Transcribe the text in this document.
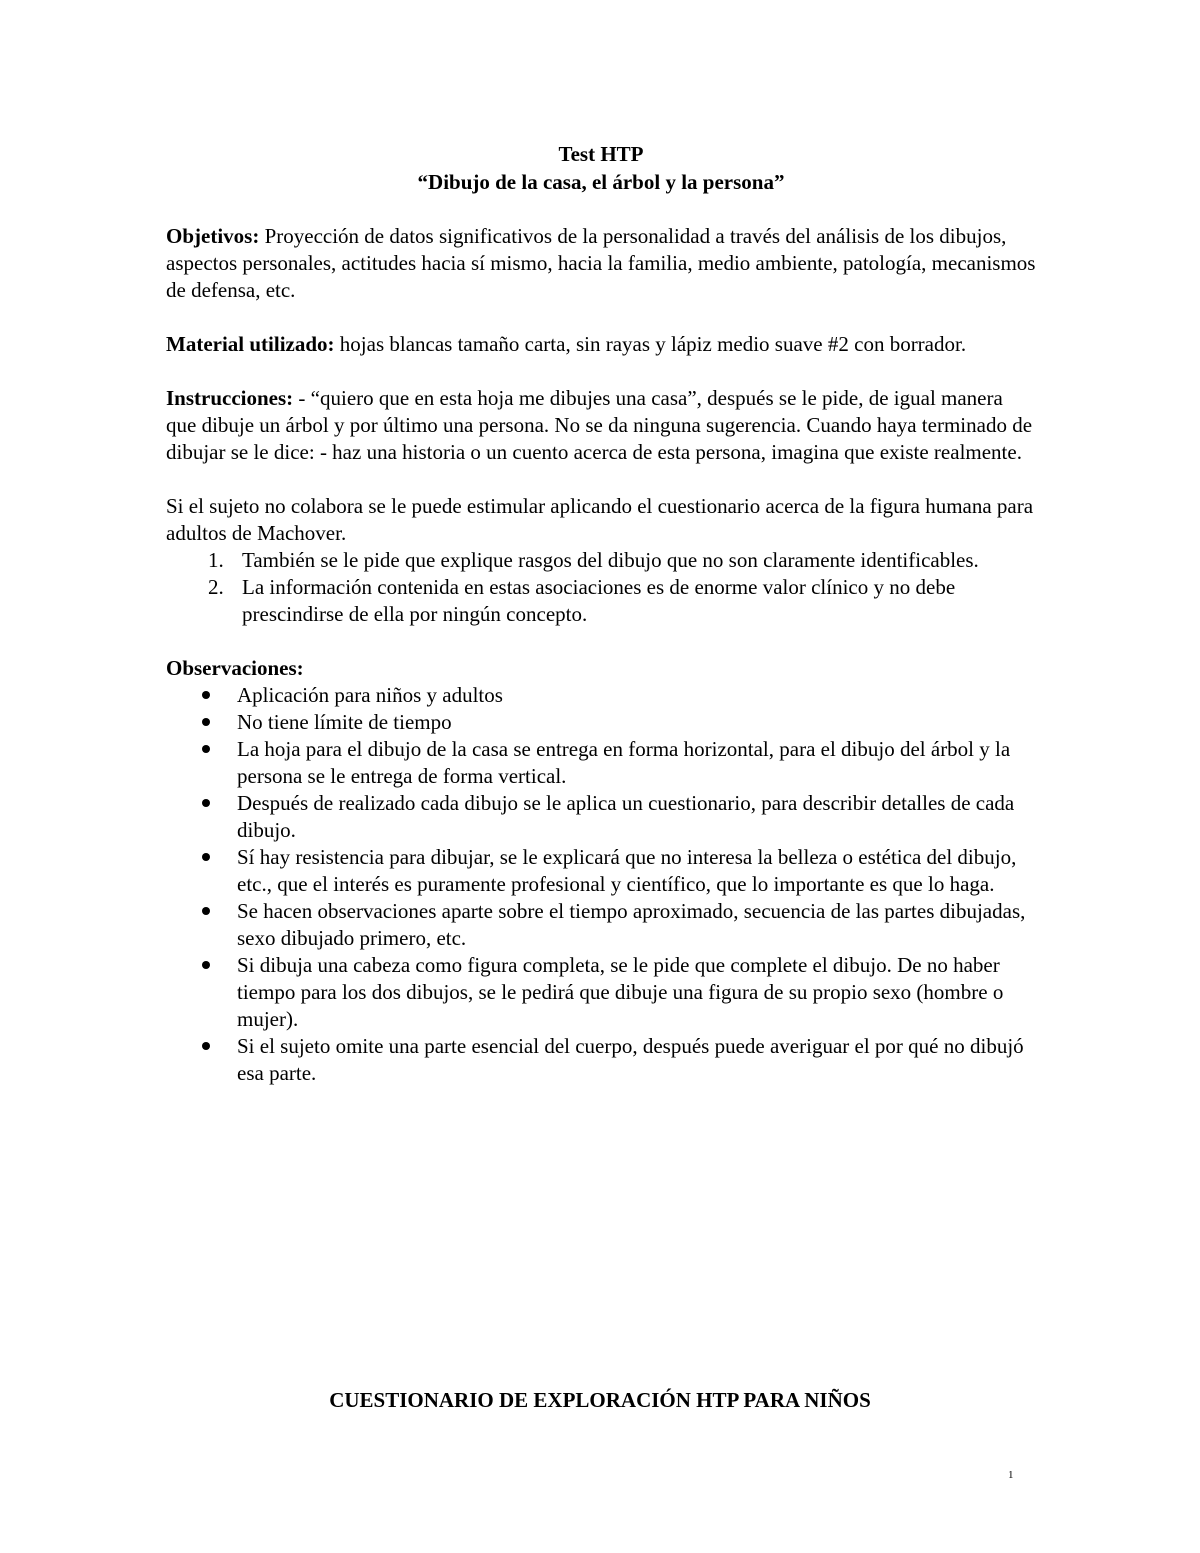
Test HTP
“Dibujo de la casa, el árbol y la persona”
Objetivos: Proyección de datos significativos de la personalidad a través del análisis de los dibujos, aspectos personales, actitudes hacia sí mismo, hacia la familia, medio ambiente, patología, mecanismos de defensa, etc.
Material utilizado: hojas blancas tamaño carta, sin rayas y lápiz medio suave #2 con borrador.
Instrucciones: - “quiero que en esta hoja me dibujes una casa”, después se le pide, de igual manera que dibuje un árbol y por último una persona. No se da ninguna sugerencia. Cuando haya terminado de dibujar se le dice: - haz una historia o un cuento acerca de esta persona, imagina que existe realmente.
Si el sujeto no colabora se le puede estimular aplicando el cuestionario acerca de la figura humana para adultos de Machover.
1. También se le pide que explique rasgos del dibujo que no son claramente identificables.
2. La información contenida en estas asociaciones es de enorme valor clínico y no debe prescindirse de ella por ningún concepto.
Observaciones:
Aplicación para niños y adultos
No tiene límite de tiempo
La hoja para el dibujo de la casa se entrega en forma horizontal, para el dibujo del árbol y la persona se le entrega de forma vertical.
Después de realizado cada dibujo se le aplica un cuestionario, para describir detalles de cada dibujo.
Sí hay resistencia para dibujar, se le explicará que no interesa la belleza o estética del dibujo, etc., que el interés es puramente profesional y científico, que lo importante es que lo haga.
Se hacen observaciones aparte sobre el tiempo aproximado, secuencia de las partes dibujadas, sexo dibujado primero, etc.
Si dibuja una cabeza como figura completa, se le pide que complete el dibujo. De no haber tiempo para los dos dibujos, se le pedirá que dibuje una figura de su propio sexo (hombre o mujer).
Si el sujeto omite una parte esencial del cuerpo, después puede averiguar el por qué no dibujó esa parte.
CUESTIONARIO DE EXPLORACIÓN HTP PARA NIÑOS
1
